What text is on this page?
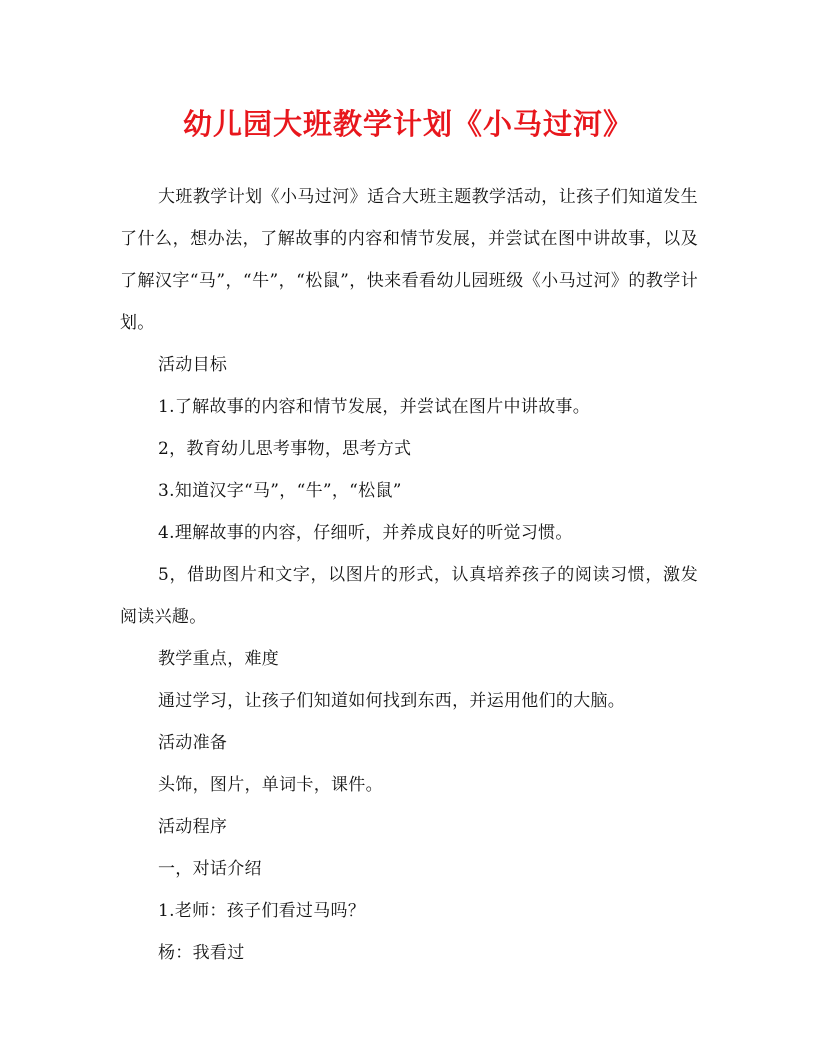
幼儿园大班教学计划《小马过河》

大班教学计划《小马过河》适合大班主题教学活动，让孩子们知道发生了什么，想办法，了解故事的内容和情节发展，并尝试在图中讲故事，以及了解汉字“马”，“牛”，“松鼠”，快来看看幼儿园班级《小马过河》的教学计划。

活动目标

1.了解故事的内容和情节发展，并尝试在图片中讲故事。

2，教育幼儿思考事物，思考方式

3.知道汉字“马”，“牛”，“松鼠”

4.理解故事的内容，仔细听，并养成良好的听觉习惯。

5，借助图片和文字，以图片的形式，认真培养孩子的阅读习惯，激发阅读兴趣。

教学重点，难度

通过学习，让孩子们知道如何找到东西，并运用他们的大脑。

活动准备

头饰，图片，单词卡，课件。

活动程序

一，对话介绍

1.老师：孩子们看过马吗？

杨：我看过
